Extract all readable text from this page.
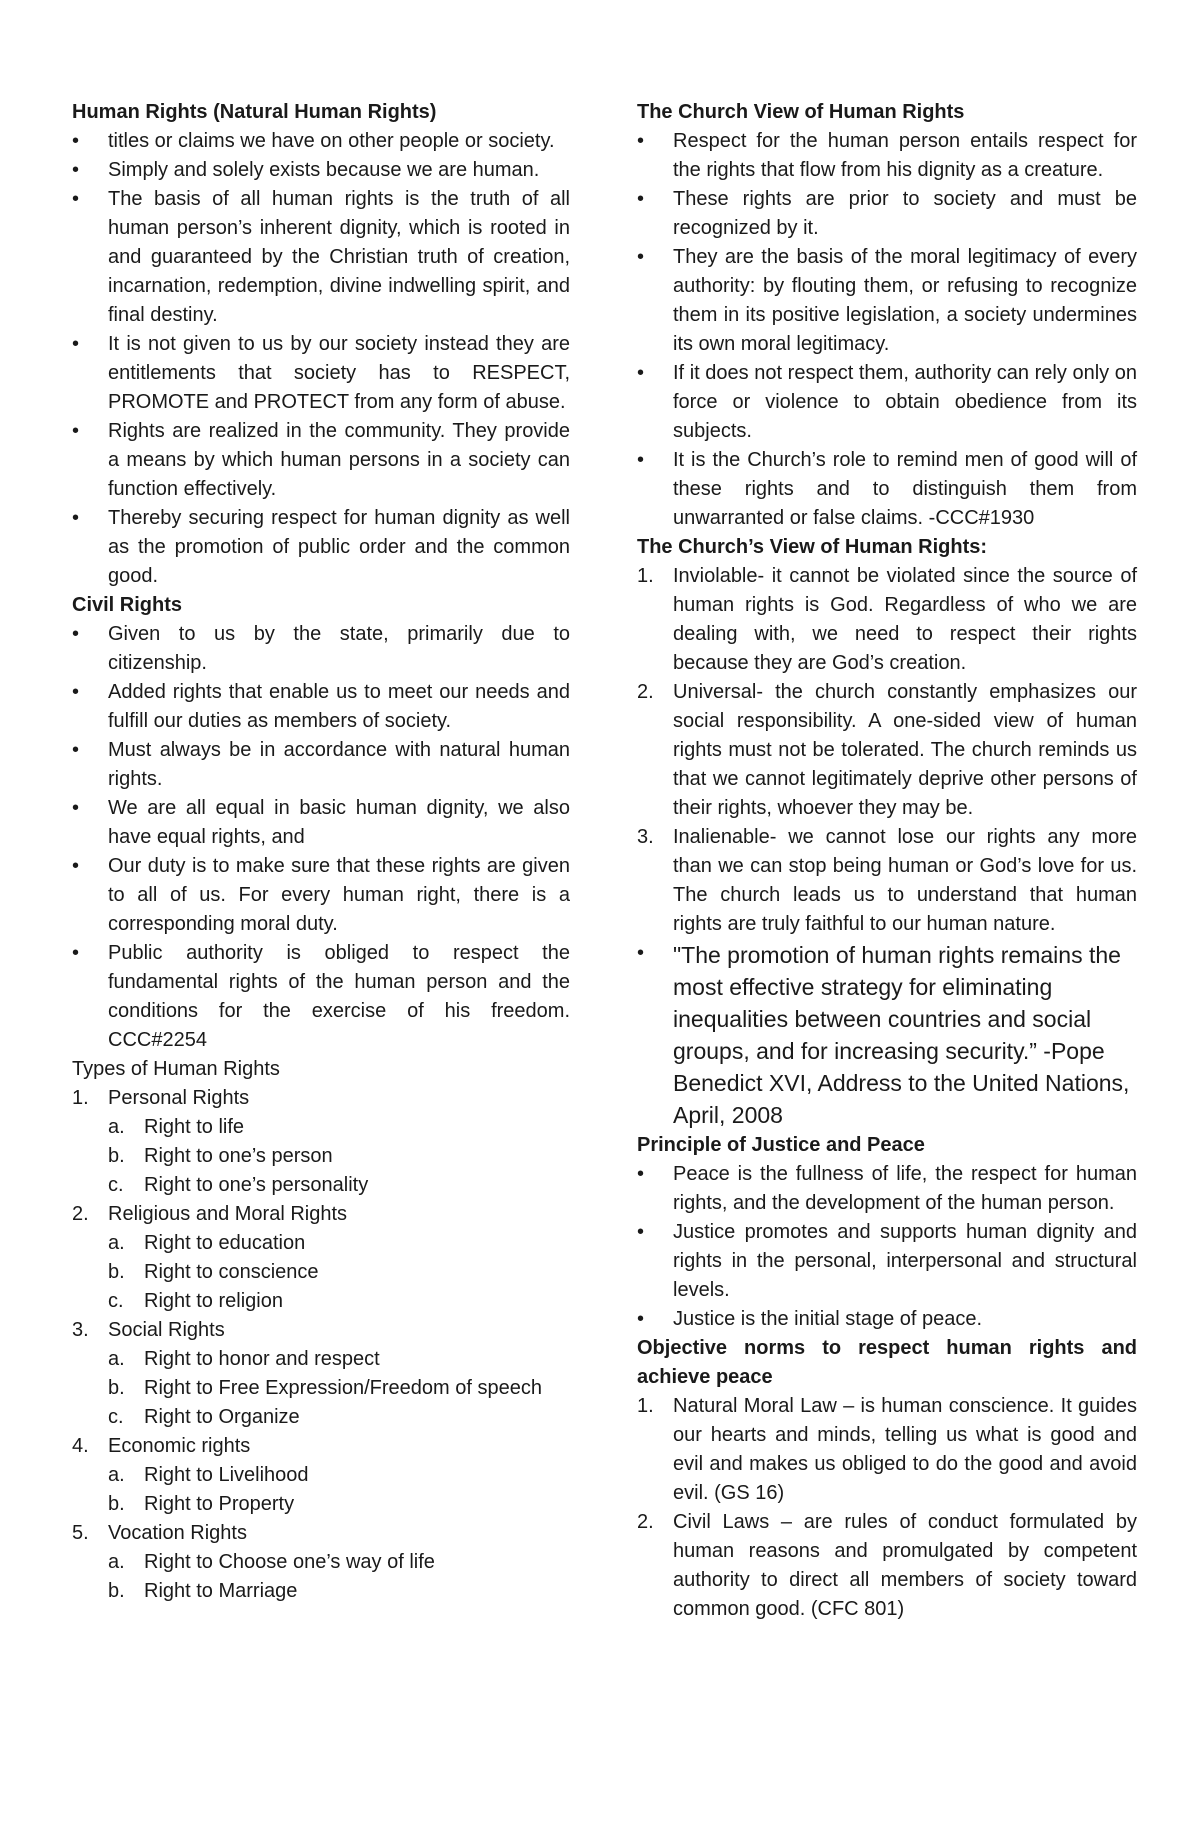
Human Rights (Natural Human Rights)

• titles or claims we have on other people or society.
• Simply and solely exists because we are human.
• The basis of all human rights is the truth of all human person’s inherent dignity, which is rooted in and guaranteed by the Christian truth of creation, incarnation, redemption, divine indwelling spirit, and final destiny.
• It is not given to us by our society instead they are entitlements that society has to RESPECT, PROMOTE and PROTECT from any form of abuse.
• Rights are realized in the community. They provide a means by which human persons in a society can function effectively.
• Thereby securing respect for human dignity as well as the promotion of public order and the common good.

Civil Rights

• Given to us by the state, primarily due to citizenship.
• Added rights that enable us to meet our needs and fulfill our duties as members of society.
• Must always be in accordance with natural human rights.
• We are all equal in basic human dignity, we also have equal rights, and
• Our duty is to make sure that these rights are given to all of us. For every human right, there is a corresponding moral duty.
• Public authority is obliged to respect the fundamental rights of the human person and the conditions for the exercise of his freedom. CCC#2254

Types of Human Rights

1. Personal Rights
a. Right to life
b. Right to one’s person
c. Right to one’s personality
2. Religious and Moral Rights
a. Right to education
b. Right to conscience
c. Right to religion
3. Social Rights
a. Right to honor and respect
b. Right to Free Expression/Freedom of speech
c. Right to Organize
4. Economic rights
a. Right to Livelihood
b. Right to Property
5. Vocation Rights
a. Right to Choose one’s way of life
b. Right to Marriage

The Church View of Human Rights

• Respect for the human person entails respect for the rights that flow from his dignity as a creature.
• These rights are prior to society and must be recognized by it.
• They are the basis of the moral legitimacy of every authority: by flouting them, or refusing to recognize them in its positive legislation, a society undermines its own moral legitimacy.
• If it does not respect them, authority can rely only on force or violence to obtain obedience from its subjects.
• It is the Church’s role to remind men of good will of these rights and to distinguish them from unwarranted or false claims. -CCC#1930

The Church’s View of Human Rights:

1. Inviolable- it cannot be violated since the source of human rights is God. Regardless of who we are dealing with, we need to respect their rights because they are God’s creation.
2. Universal- the church constantly emphasizes our social responsibility. A one-sided view of human rights must not be tolerated. The church reminds us that we cannot legitimately deprive other persons of their rights, whoever they may be.
3. Inalienable- we cannot lose our rights any more than we can stop being human or God’s love for us. The church leads us to understand that human rights are truly faithful to our human nature.
• "The promotion of human rights remains the most effective strategy for eliminating inequalities between countries and social groups, and for increasing security.” -Pope Benedict XVI, Address to the United Nations, April, 2008

Principle of Justice and Peace

• Peace is the fullness of life, the respect for human rights, and the development of the human person.
• Justice promotes and supports human dignity and rights in the personal, interpersonal and structural levels.
• Justice is the initial stage of peace.

Objective norms to respect human rights and achieve peace

1. Natural Moral Law – is human conscience. It guides our hearts and minds, telling us what is good and evil and makes us obliged to do the good and avoid evil. (GS 16)
2. Civil Laws – are rules of conduct formulated by human reasons and promulgated by competent authority to direct all members of society toward common good. (CFC 801)
